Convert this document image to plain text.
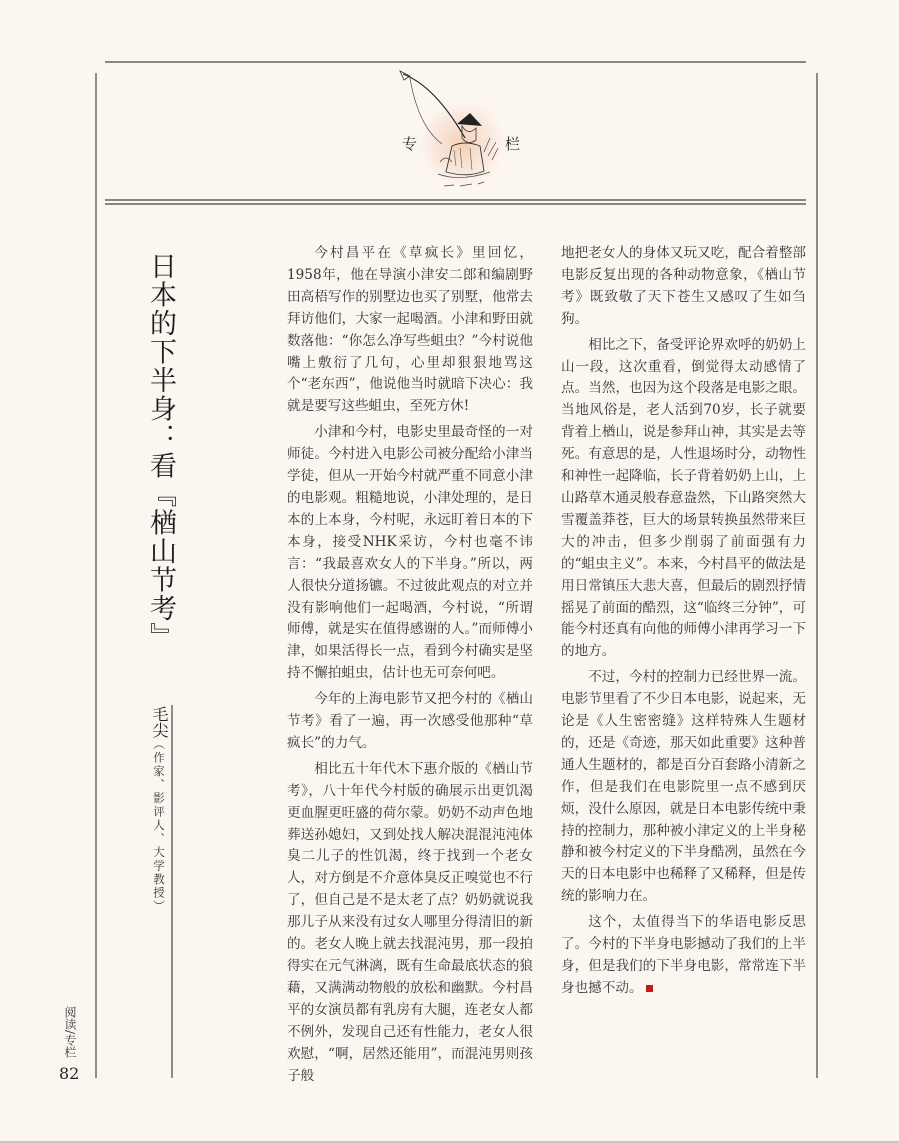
专	栏
日本的下半身：看『楢山节考』
毛尖（作家、影评人、大学教授）

今村昌平在《草疯长》里回忆，1958年，他在导演小津安二郎和编剧野田高梧写作的别墅边也买了别墅，他常去拜访他们，大家一起喝酒。小津和野田就数落他：“你怎么净写些蛆虫？”今村说他嘴上敷衍了几句，心里却狠狠地骂这个“老东西”，他说他当时就暗下决心：我就是要写这些蛆虫，至死方休!

小津和今村，电影史里最奇怪的一对师徒。今村进入电影公司被分配给小津当学徒，但从一开始今村就严重不同意小津的电影观。粗糙地说，小津处理的，是日本的上本身，今村呢，永远盯着日本的下本身，接受NHK采访，今村也毫不讳言：“我最喜欢女人的下半身。”所以，两人很快分道扬镳。不过彼此观点的对立并没有影响他们一起喝酒，今村说，“所谓师傅，就是实在值得感谢的人。”而师傅小津，如果活得长一点，看到今村确实是坚持不懈拍蛆虫，估计也无可奈何吧。

今年的上海电影节又把今村的《楢山节考》看了一遍，再一次感受他那种“草疯长”的力气。

相比五十年代木下惠介版的《楢山节考》，八十年代今村版的确展示出更饥渴更血腥更旺盛的荷尔蒙。奶奶不动声色地葬送孙媳妇，又到处找人解决混混沌沌体臭二儿子的性饥渴，终于找到一个老女人，对方倒是不介意体臭反正嗅觉也不行了，但自己是不是太老了点？奶奶就说我那儿子从来没有过女人哪里分得清旧的新的。老女人晚上就去找混沌男，那一段拍得实在元气淋漓，既有生命最底状态的狼藉，又满满动物般的放松和幽默。今村昌平的女演员都有乳房有大腿，连老女人都不例外，发现自己还有性能力，老女人很欢慰，“啊，居然还能用”，而混沌男则孩子般

地把老女人的身体又玩又吃，配合着整部电影反复出现的各种动物意象，《楢山节考》既致敬了天下苍生又感叹了生如刍狗。

相比之下，备受评论界欢呼的奶奶上山一段，这次重看，倒觉得太动感情了点。当然，也因为这个段落是电影之眼。当地风俗是，老人活到70岁，长子就要背着上楢山，说是参拜山神，其实是去等死。有意思的是，人性退场时分，动物性和神性一起降临，长子背着奶奶上山，上山路草木通灵般春意盎然，下山路突然大雪覆盖莽苍，巨大的场景转换虽然带来巨大的冲击，但多少削弱了前面强有力的“蛆虫主义”。本来，今村昌平的做法是用日常镇压大悲大喜，但最后的剧烈抒情摇晃了前面的酷烈，这“临终三分钟”，可能今村还真有向他的师傅小津再学习一下的地方。

不过，今村的控制力已经世界一流。电影节里看了不少日本电影，说起来，无论是《人生密密缝》这样特殊人生题材的，还是《奇迹，那天如此重要》这种普通人生题材的，都是百分百套路小清新之作，但是我们在电影院里一点不感到厌烦，没什么原因，就是日本电影传统中秉持的控制力，那种被小津定义的上半身秘静和被今村定义的下半身酷冽，虽然在今天的日本电影中也稀释了又稀释，但是传统的影响力在。

这个，太值得当下的华语电影反思了。今村的下半身电影撼动了我们的上半身，但是我们的下半身电影，常常连下半身也撼不动。

阅读/专栏
82
